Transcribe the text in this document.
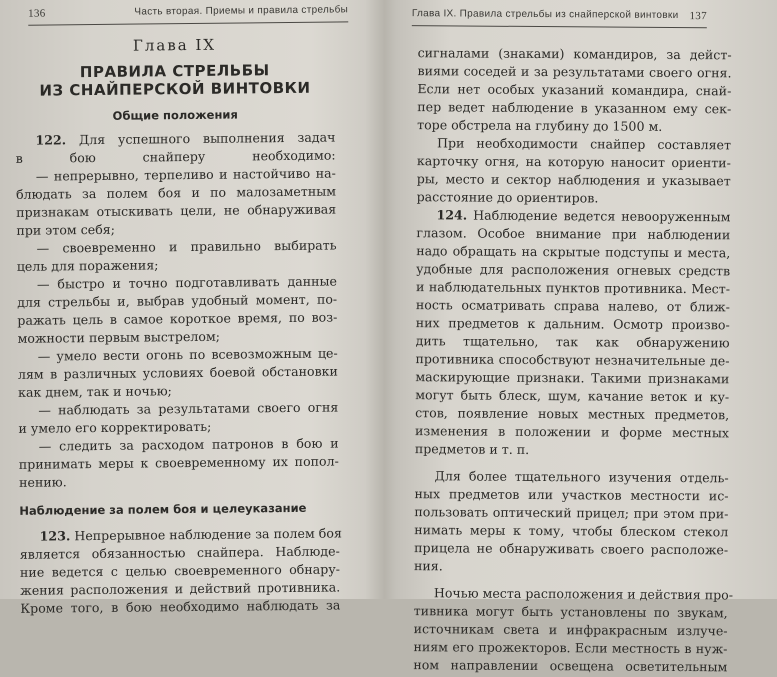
136	Часть вторая. Приемы и правила стрельбы
Глава IX
ПРАВИЛА СТРЕЛЬБЫ
ИЗ СНАЙПЕРСКОЙ ВИНТОВКИ
Общие положения
122. Для успешного выполнения задач
в бою снайперу необходимо:
— непрерывно, терпеливо и настойчиво на-
блюдать за полем боя и по малозаметным
признакам отыскивать цели, не обнаруживая
при этом себя;
— своевременно и правильно выбирать
цель для поражения;
— быстро и точно подготавливать данные
для стрельбы и, выбрав удобный момент, по-
ражать цель в самое короткое время, по воз-
можности первым выстрелом;
— умело вести огонь по всевозможным це-
лям в различных условиях боевой обстановки
как днем, так и ночью;
— наблюдать за результатами своего огня
и умело его корректировать;
— следить за расходом патронов в бою и
принимать меры к своевременному их попол-
нению.
Наблюдение за полем боя и целеуказание
123. Непрерывное наблюдение за полем боя
является обязанностью снайпера. Наблюде-
ние ведется с целью своевременного обнару-
жения расположения и действий противника.
Кроме того, в бою необходимо наблюдать за
Глава IX. Правила стрельбы из снайперской винтовки 137
сигналами (знаками) командиров, за дейст-
виями соседей и за результатами своего огня.
Если нет особых указаний командира, снай-
пер ведет наблюдение в указанном ему сек-
торе обстрела на глубину до 1500 м.
При необходимости снайпер составляет
карточку огня, на которую наносит ориенти-
ры, место и сектор наблюдения и указывает
расстояние до ориентиров.
124. Наблюдение ведется невооруженным
глазом. Особое внимание при наблюдении
надо обращать на скрытые подступы и места,
удобные для расположения огневых средств
и наблюдательных пунктов противника. Мест-
ность осматривать справа налево, от ближ-
них предметов к дальним. Осмотр произво-
дить тщательно, так как обнаружению
противника способствуют незначительные де-
маскирующие признаки. Такими признаками
могут быть блеск, шум, качание веток и ку-
стов, появление новых местных предметов,
изменения в положении и форме местных
предметов и т. п.
Для более тщательного изучения отдель-
ных предметов или участков местности ис-
пользовать оптический прицел; при этом при-
нимать меры к тому, чтобы блеском стекол
прицела не обнаруживать своего расположе-
ния.
Ночью места расположения и действия про-
тивника могут быть установлены по звукам,
источникам света и инфракрасным излуче-
ниям его прожекторов. Если местность в нуж-
ном направлении освещена осветительным
